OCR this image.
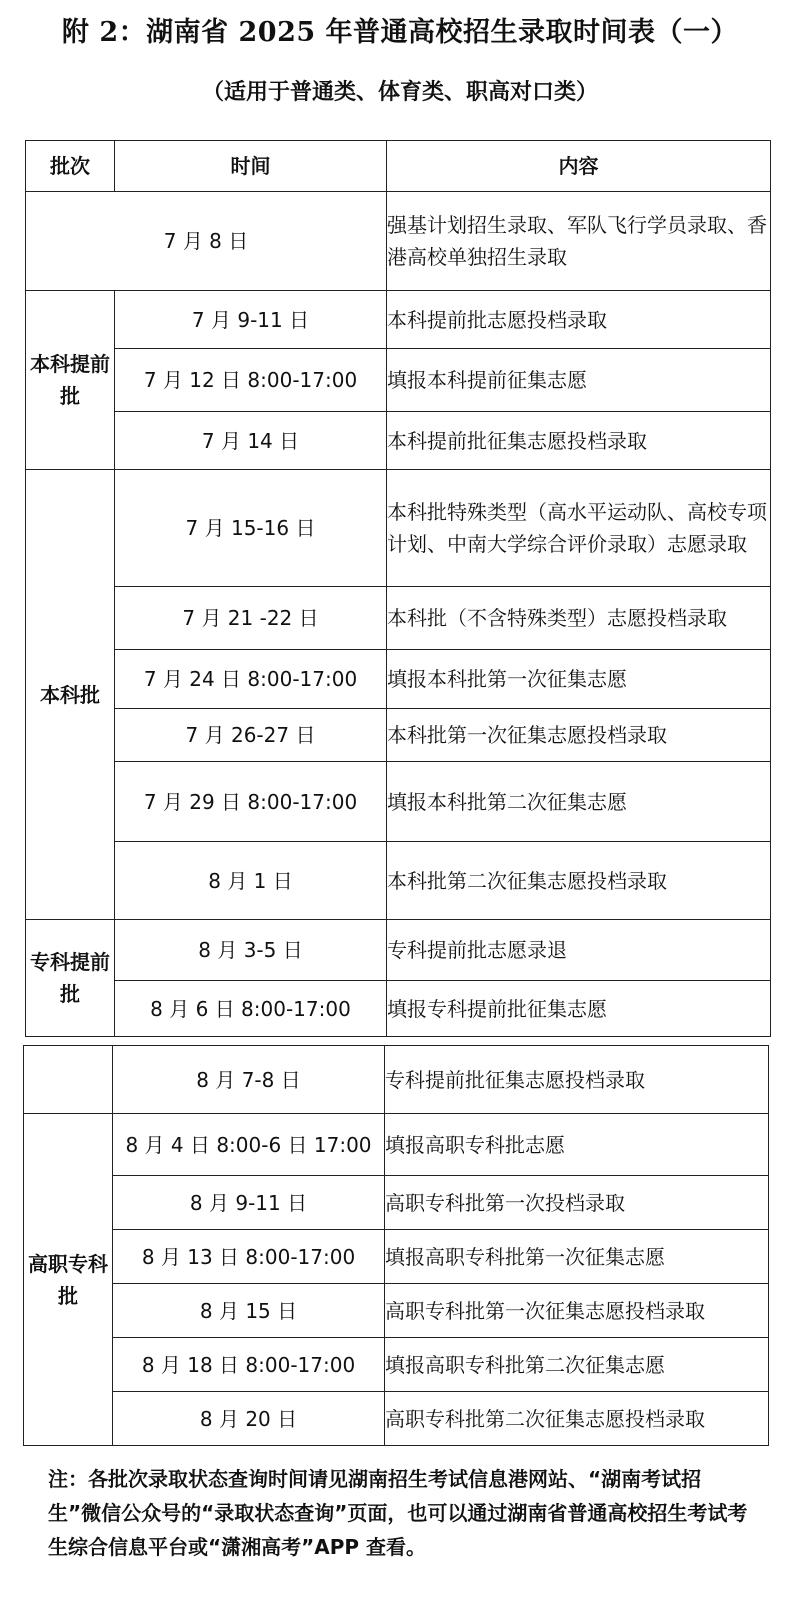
附 2：湖南省 2025 年普通高校招生录取时间表（一）
（适用于普通类、体育类、职高对口类）
批次	时间	内容
7 月 8 日		强基计划招生录取、军队飞行学员录取、香港高校单独招生录取
本科提前批	7 月 9-11 日	本科提前批志愿投档录取
	7 月 12 日 8:00-17:00	填报本科提前征集志愿
	7 月 14 日	本科提前批征集志愿投档录取
本科批	7 月 15-16 日	本科批特殊类型（高水平运动队、高校专项计划、中南大学综合评价录取）志愿录取
	7 月 21 -22 日	本科批（不含特殊类型）志愿投档录取
	7 月 24 日 8:00-17:00	填报本科批第一次征集志愿
	7 月 26-27 日	本科批第一次征集志愿投档录取
	7 月 29 日 8:00-17:00	填报本科批第二次征集志愿
	8 月 1 日	本科批第二次征集志愿投档录取
专科提前批	8 月 3-5 日	专科提前批志愿录退
	8 月 6 日 8:00-17:00	填报专科提前批征集志愿
	8 月 7-8 日	专科提前批征集志愿投档录取
高职专科批	8 月 4 日 8:00-6 日 17:00	填报高职专科批志愿
	8 月 9-11 日	高职专科批第一次投档录取
	8 月 13 日 8:00-17:00	填报高职专科批第一次征集志愿
	8 月 15 日	高职专科批第一次征集志愿投档录取
	8 月 18 日 8:00-17:00	填报高职专科批第二次征集志愿
	8 月 20 日	高职专科批第二次征集志愿投档录取
注：各批次录取状态查询时间请见湖南招生考试信息港网站、“湖南考试招生”微信公众号的“录取状态查询”页面，也可以通过湖南省普通高校招生考试考生综合信息平台或“潇湘高考”APP 查看。
